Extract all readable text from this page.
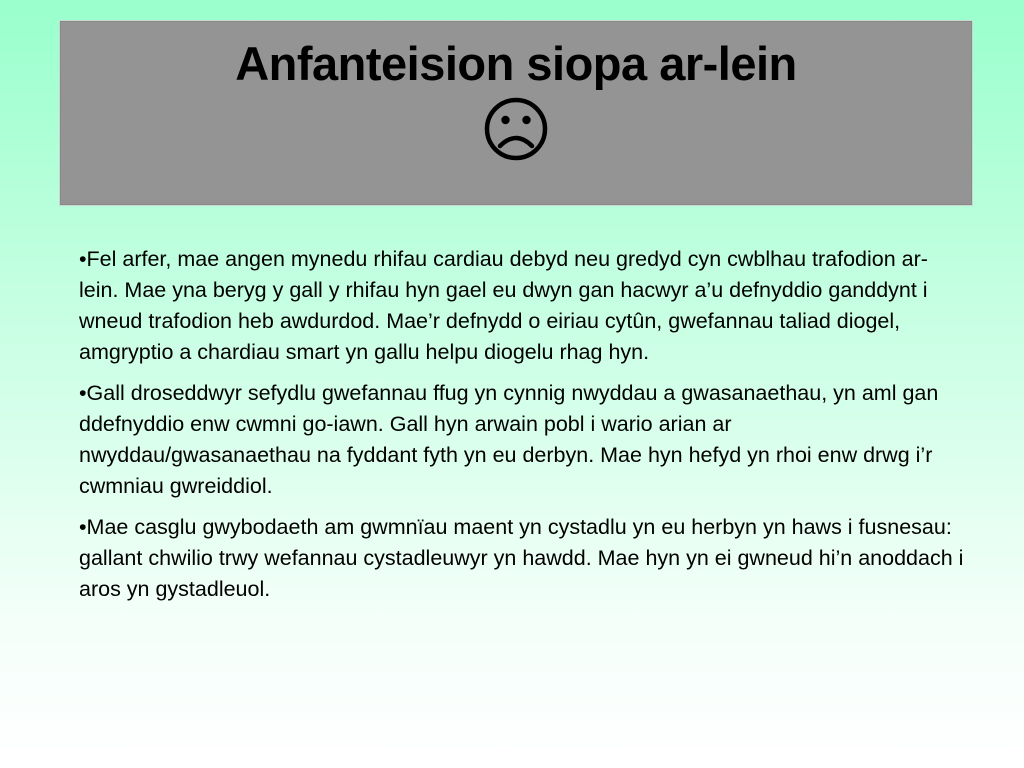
Anfanteision siopa ar-lein

•Fel arfer, mae angen mynedu rhifau cardiau debyd neu gredyd cyn cwblhau trafodion ar-lein. Mae yna beryg y gall y rhifau hyn gael eu dwyn gan hacwyr a’u defnyddio ganddynt i wneud trafodion heb awdurdod. Mae’r defnydd o eiriau cytûn, gwefannau taliad diogel, amgryptio a chardiau smart yn gallu helpu diogelu rhag hyn.

•Gall droseddwyr sefydlu gwefannau ffug yn cynnig nwyddau a gwasanaethau, yn aml gan ddefnyddio enw cwmni go-iawn. Gall hyn arwain pobl i wario arian ar nwyddau/gwasanaethau na fyddant fyth yn eu derbyn. Mae hyn hefyd yn rhoi enw drwg i’r cwmniau gwreiddiol.

•Mae casglu gwybodaeth am gwmnïau maent yn cystadlu yn eu herbyn yn haws i fusnesau: gallant chwilio trwy wefannau cystadleuwyr yn hawdd. Mae hyn yn ei gwneud hi’n anoddach i aros yn gystadleuol.
